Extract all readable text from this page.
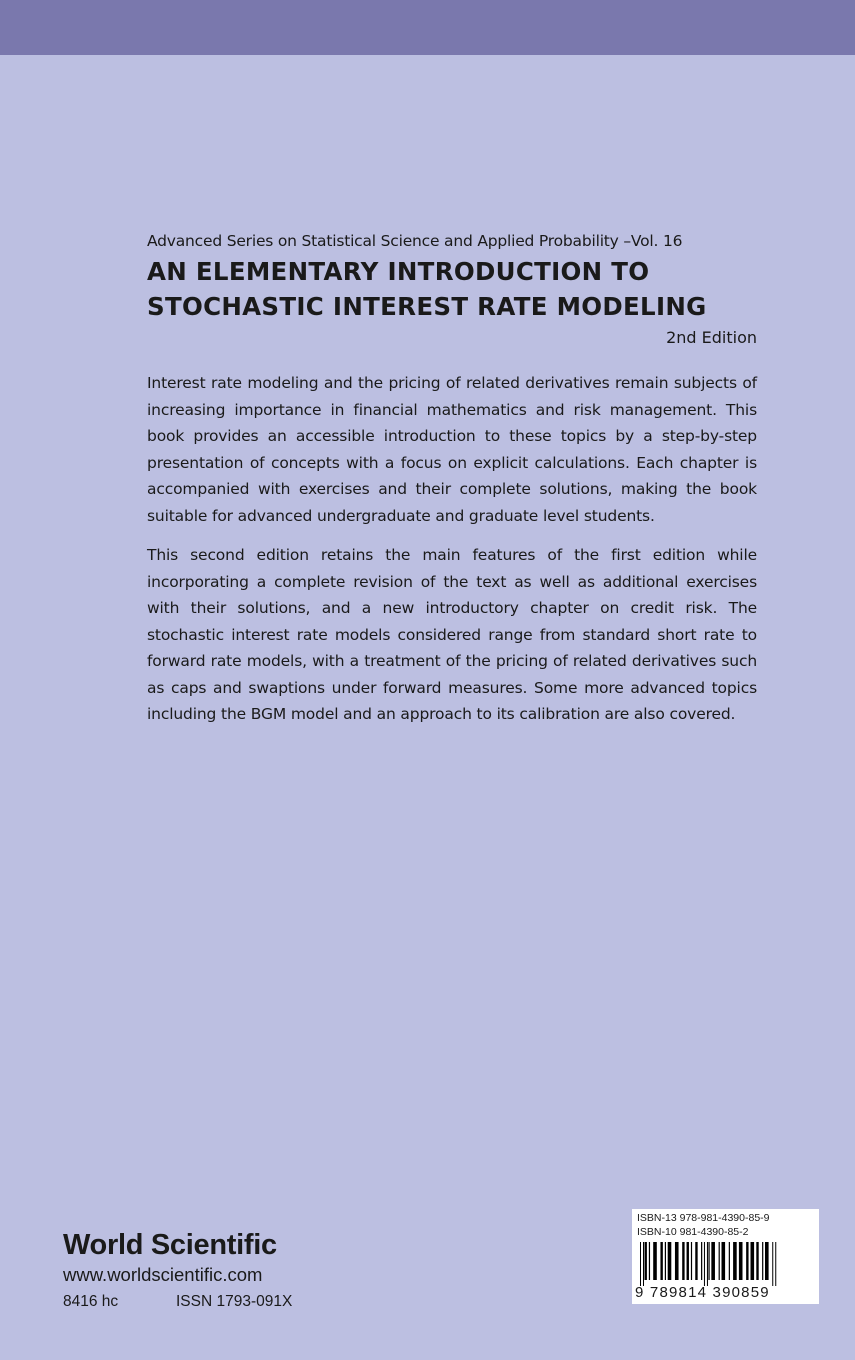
Advanced Series on Statistical Science and Applied Probability –Vol. 16
AN ELEMENTARY INTRODUCTION TO
STOCHASTIC INTEREST RATE MODELING
2nd Edition

Interest rate modeling and the pricing of related derivatives remain subjects of increasing importance in financial mathematics and risk management. This book provides an accessible introduction to these topics by a step-by-step presentation of concepts with a focus on explicit calculations. Each chapter is accompanied with exercises and their complete solutions, making the book suitable for advanced undergraduate and graduate level students.

This second edition retains the main features of the first edition while incorporating a complete revision of the text as well as additional exercises with their solutions, and a new introductory chapter on credit risk. The stochastic interest rate models considered range from standard short rate to forward rate models, with a treatment of the pricing of related derivatives such as caps and swaptions under forward measures. Some more advanced topics including the BGM model and an approach to its calibration are also covered.

World Scientific
www.worldscientific.com
8416 hc	ISSN 1793-091X
ISBN-13 978-981-4390-85-9
ISBN-10 981-4390-85-2
9 789814 390859
